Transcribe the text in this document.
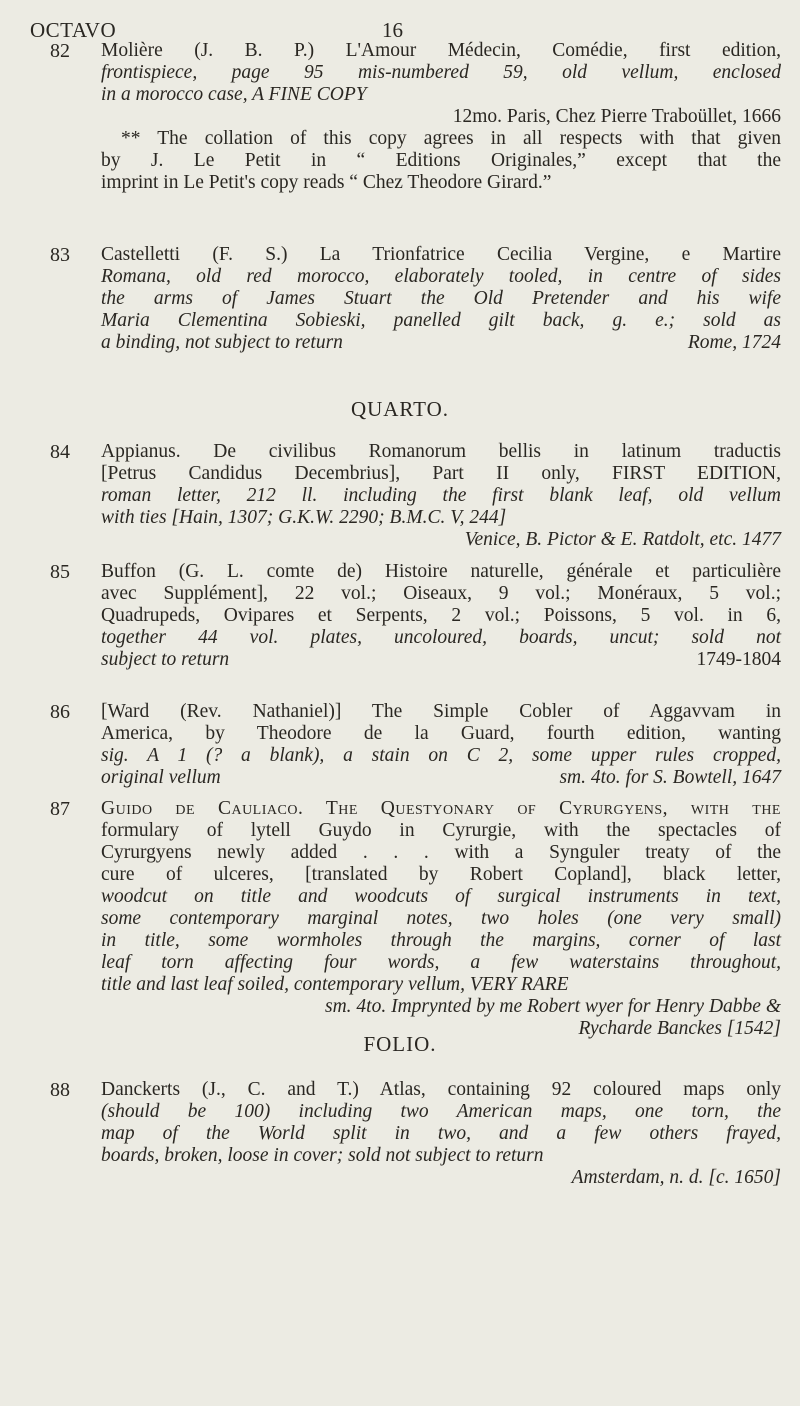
OCTAVO	16
82 Molière (J. B. P.) L'Amour Médecin, Comédie, first edition,
frontispiece, page 95 mis-numbered 59, old vellum, enclosed
in a morocco case, A FINE COPY
12mo. Paris, Chez Pierre Traboüllet, 1666
** The collation of this copy agrees in all respects with that given
by J. Le Petit in “ Editions Originales,” except that the
imprint in Le Petit's copy reads “ Chez Theodore Girard.”
83 Castelletti (F. S.) La Trionfatrice Cecilia Vergine, e Martire
Romana, old red morocco, elaborately tooled, in centre of sides
the arms of James Stuart the Old Pretender and his wife
Maria Clementina Sobieski, panelled gilt back, g. e.; sold as
a binding, not subject to return	Rome, 1724
QUARTO.
84 Appianus. De civilibus Romanorum bellis in latinum traductis
[Petrus Candidus Decembrius], Part II only, FIRST EDITION,
roman letter, 212 ll. including the first blank leaf, old vellum
with ties [Hain, 1307; G.K.W. 2290; B.M.C. V, 244]
Venice, B. Pictor & E. Ratdolt, etc. 1477
85 Buffon (G. L. comte de) Histoire naturelle, générale et particulière
avec Supplément], 22 vol.; Oiseaux, 9 vol.; Monéraux, 5 vol.;
Quadrupeds, Ovipares et Serpents, 2 vol.; Poissons, 5 vol. in 6,
together 44 vol. plates, uncoloured, boards, uncut; sold not
subject to return	1749-1804
86 [Ward (Rev. Nathaniel)] The Simple Cobler of Aggavvam in
America, by Theodore de la Guard, fourth edition, wanting
sig. A 1 (? a blank), a stain on C 2, some upper rules cropped,
original vellum	sm. 4to. for S. Bowtell, 1647
87 Guido de Cauliaco. The Questyonary of Cyrurgyens, with the
formulary of lytell Guydo in Cyrurgie, with the spectacles of
Cyrurgyens newly added . . . with a Synguler treaty of the
cure of ulceres, [translated by Robert Copland], black letter,
woodcut on title and woodcuts of surgical instruments in text,
some contemporary marginal notes, two holes (one very small)
in title, some wormholes through the margins, corner of last
leaf torn affecting four words, a few waterstains throughout,
title and last leaf soiled, contemporary vellum, VERY RARE
sm. 4to. Imprynted by me Robert wyer for Henry Dabbe &
Rycharde Banckes [1542]
FOLIO.
88 Danckerts (J., C. and T.) Atlas, containing 92 coloured maps only
(should be 100) including two American maps, one torn, the
map of the World split in two, and a few others frayed,
boards, broken, loose in cover; sold not subject to return
Amsterdam, n. d. [c. 1650]
